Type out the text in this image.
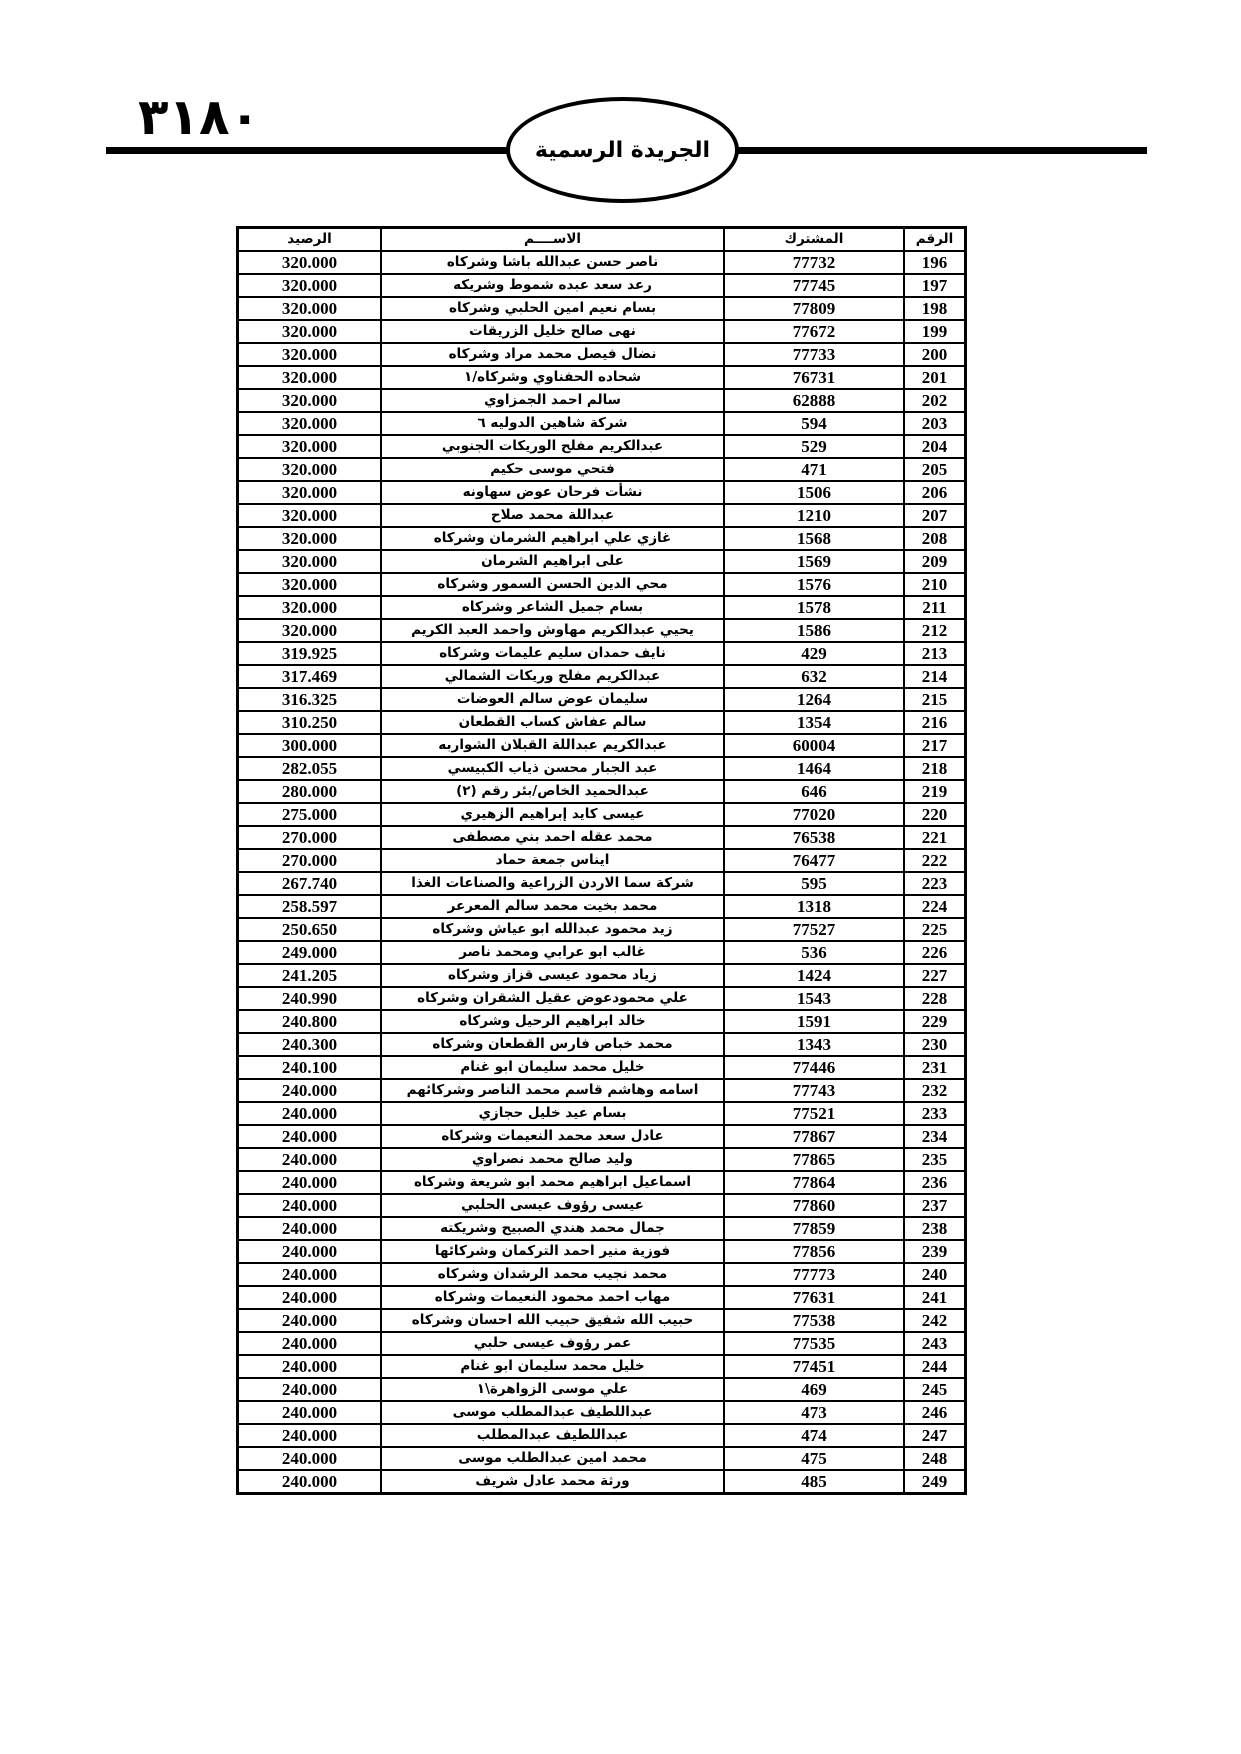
٣١٨٠
الجريدة الرسمية
الرقم	المشترك	الاســــم	الرصيد
196	77732	ناصر حسن عبدالله باشا وشركاه	320.000
197	77745	رعد سعد عبده شموط وشريكه	320.000
198	77809	بسام نعيم امين الحلبي وشركاه	320.000
199	77672	نهى صالح خليل الزريقات	320.000
200	77733	نضال فيصل محمد مراد وشركاه	320.000
201	76731	شحاده الحفناوي وشركاه/١	320.000
202	62888	سالم احمد الجمزاوي	320.000
203	594	شركة شاهين الدوليه ٦	320.000
204	529	عبدالكريم مفلح الوريكات الجنوبي	320.000
205	471	فتحي موسى حكيم	320.000
206	1506	نشأت فرحان عوض سهاونه	320.000
207	1210	عبداللة محمد صلاح	320.000
208	1568	غازي علي ابراهيم الشرمان وشركاه	320.000
209	1569	على ابراهيم الشرمان	320.000
210	1576	محي الدين الحسن السمور وشركاه	320.000
211	1578	بسام جميل الشاعر وشركاه	320.000
212	1586	يحيي عبدالكريم مهاوش واحمد العبد الكريم	320.000
213	429	نايف حمدان سليم عليمات وشركاه	319.925
214	632	عبدالكريم مفلح وريكات الشمالي	317.469
215	1264	سليمان عوض سالم العوضات	316.325
216	1354	سالم عفاش كساب القطعان	310.250
217	60004	عبدالكريم عبداللة القبلان الشواربه	300.000
218	1464	عبد الجبار محسن ذياب الكبيسي	282.055
219	646	عبدالحميد الخاص/بئر رقم (٢)	280.000
220	77020	عيسى كايد إبراهيم الزهيري	275.000
221	76538	محمد عقله احمد بني مصطفى	270.000
222	76477	ايناس جمعة حماد	270.000
223	595	شركة سما الاردن الزراعية والصناعات الغذا	267.740
224	1318	محمد بخيت محمد سالم المعرعر	258.597
225	77527	زيد محمود عبدالله ابو عياش وشركاه	250.650
226	536	غالب ابو عرابي ومحمد ناصر	249.000
227	1424	زياد محمود عيسى قزاز وشركاه	241.205
228	1543	علي محمودعوض عقيل الشقران وشركاه	240.990
229	1591	خالد ابراهيم الرحيل وشركاه	240.800
230	1343	محمد خباص فارس القطعان وشركاه	240.300
231	77446	خليل محمد سليمان ابو غنام	240.100
232	77743	اسامه وهاشم قاسم محمد الناصر وشركائهم	240.000
233	77521	بسام عيد خليل حجازي	240.000
234	77867	عادل سعد محمد النعيمات وشركاه	240.000
235	77865	وليد صالح محمد نصراوي	240.000
236	77864	اسماعيل ابراهيم محمد ابو شريعة وشركاه	240.000
237	77860	عيسى رؤوف عيسى الحلبي	240.000
238	77859	جمال محمد هندي الصبيح وشريكته	240.000
239	77856	فوزية منير احمد التركمان وشركائها	240.000
240	77773	محمد نجيب محمد الرشدان وشركاه	240.000
241	77631	مهاب احمد محمود النعيمات وشركاه	240.000
242	77538	حبيب الله شفيق حبيب الله احسان وشركاه	240.000
243	77535	عمر رؤوف عيسى حلبي	240.000
244	77451	خليل محمد سليمان ابو غنام	240.000
245	469	علي موسى الزواهرة\١	240.000
246	473	عبداللطيف عبدالمطلب موسى	240.000
247	474	عبداللطيف عبدالمطلب	240.000
248	475	محمد امين عبدالطلب موسى	240.000
249	485	ورثة محمد عادل شريف	240.000
